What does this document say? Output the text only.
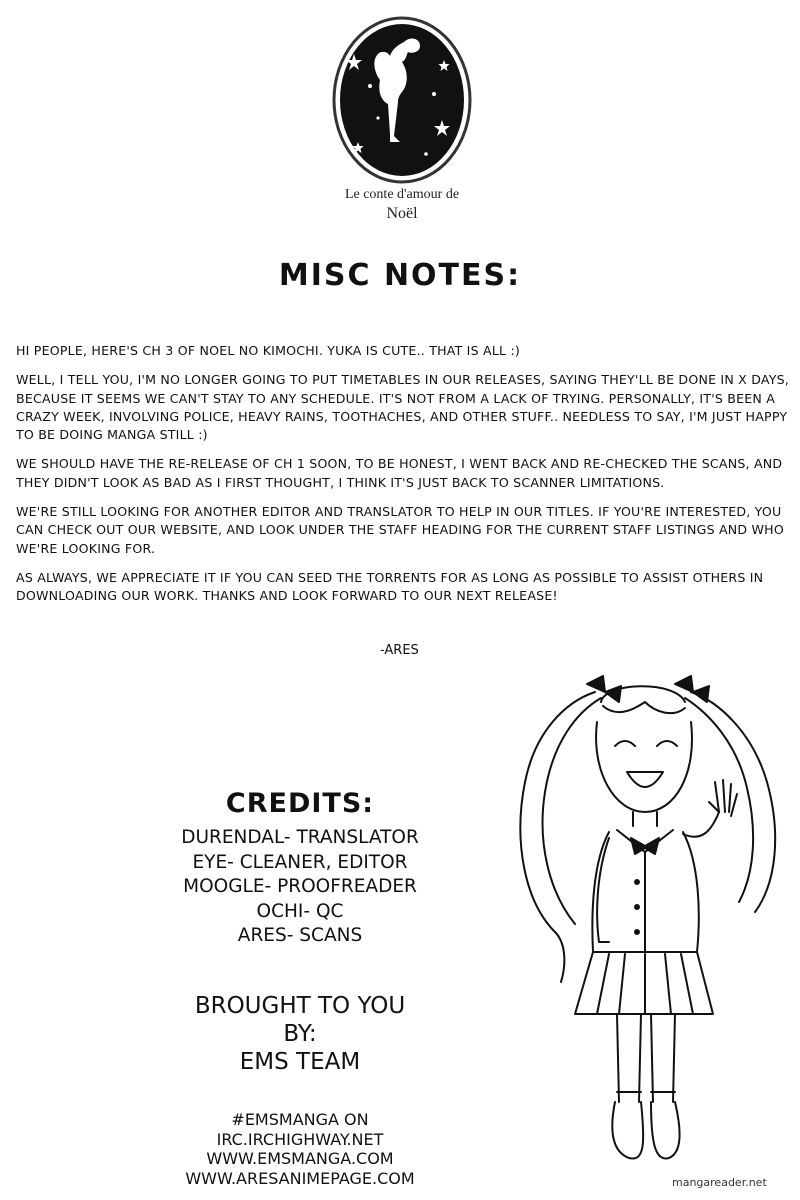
Le conte d'amour de
Noël
MISC NOTES:

HI PEOPLE, HERE'S CH 3 OF NOEL NO KIMOCHI. YUKA IS CUTE.. THAT IS ALL :)

WELL, I TELL YOU, I'M NO LONGER GOING TO PUT TIMETABLES IN OUR RELEASES, SAYING THEY'LL BE DONE IN X DAYS, BECAUSE IT SEEMS WE CAN'T STAY TO ANY SCHEDULE. IT'S NOT FROM A LACK OF TRYING. PERSONALLY, IT'S BEEN A CRAZY WEEK, INVOLVING POLICE, HEAVY RAINS, TOOTHACHES, AND OTHER STUFF.. NEEDLESS TO SAY, I'M JUST HAPPY TO BE DOING MANGA STILL :)

WE SHOULD HAVE THE RE-RELEASE OF CH 1 SOON, TO BE HONEST, I WENT BACK AND RE-CHECKED THE SCANS, AND THEY DIDN'T LOOK AS BAD AS I FIRST THOUGHT, I THINK IT'S JUST BACK TO SCANNER LIMITATIONS.

WE'RE STILL LOOKING FOR ANOTHER EDITOR AND TRANSLATOR TO HELP IN OUR TITLES. IF YOU'RE INTERESTED, YOU CAN CHECK OUT OUR WEBSITE, AND LOOK UNDER THE STAFF HEADING FOR THE CURRENT STAFF LISTINGS AND WHO WE'RE LOOKING FOR.

AS ALWAYS, WE APPRECIATE IT IF YOU CAN SEED THE TORRENTS FOR AS LONG AS POSSIBLE TO ASSIST OTHERS IN DOWNLOADING OUR WORK. THANKS AND LOOK FORWARD TO OUR NEXT RELEASE!

-ARES
CREDITS:
DURENDAL- TRANSLATOR
EYE- CLEANER, EDITOR
MOOGLE- PROOFREADER
OCHI- QC
ARES- SCANS
BROUGHT TO YOU
BY:
EMS TEAM
#EMSMANGA ON
IRC.IRCHIGHWAY.NET
WWW.EMSMANGA.COM
WWW.ARESANIMEPAGE.COM	mangareader.net
